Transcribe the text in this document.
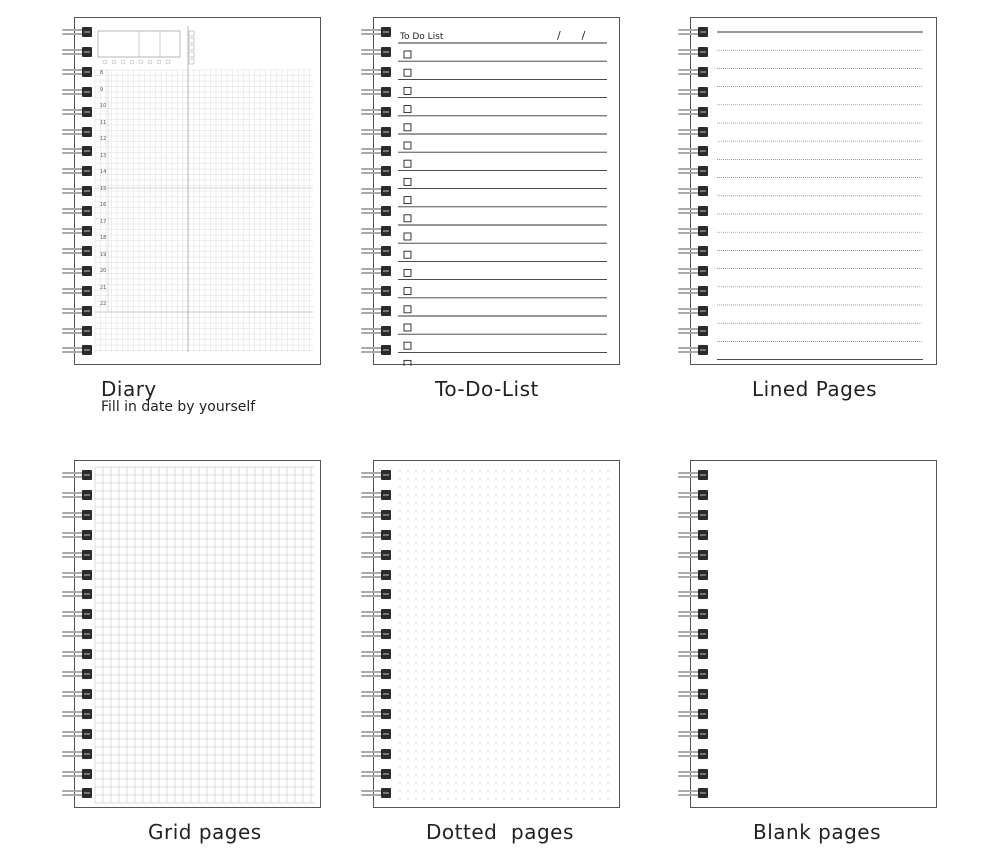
8
9
10
11
12
13
14
15
16
17
18
19
20
21
22
Diary
Fill in date by yourself
To Do List	/      /
To-Do-List	Lined Pages
Grid pages	Dotted  pages	Blank pages
